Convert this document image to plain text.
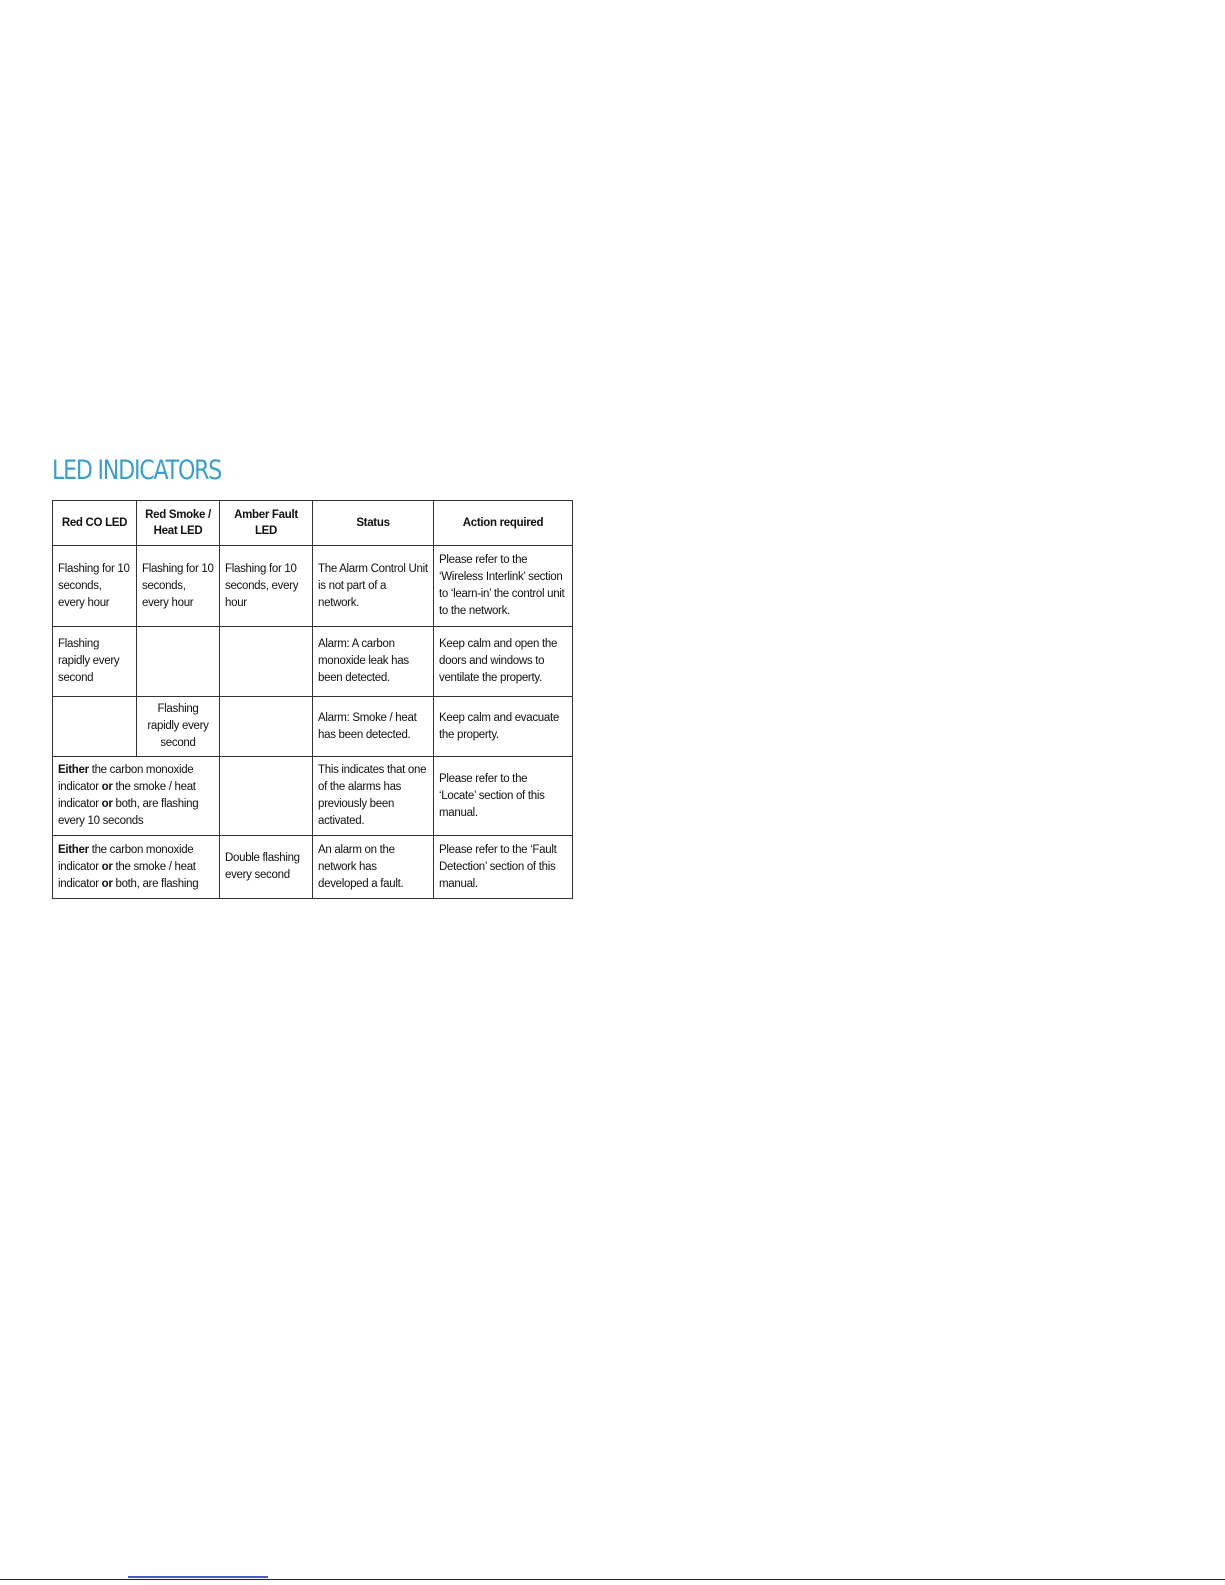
LED INDICATORS
Red CO LED	Red Smoke / Heat LED	Amber Fault LED	Status	Action required
Flashing for 10 seconds, every hour	Flashing for 10 seconds, every hour	Flashing for 10 seconds, every hour	The Alarm Control Unit is not part of a network.	Please refer to the ‘Wireless Interlink’ section to ‘learn-in’ the control unit to the network.
Flashing rapidly every second			Alarm: A carbon monoxide leak has been detected.	Keep calm and open the doors and windows to ventilate the property.
	Flashing rapidly every second		Alarm: Smoke / heat has been detected.	Keep calm and evacuate the property.
Either the carbon monoxide indicator or the smoke / heat indicator or both, are flashing every 10 seconds			This indicates that one of the alarms has previously been activated.	Please refer to the ‘Locate’ section of this manual.
Either the carbon monoxide indicator or the smoke / heat indicator or both, are flashing		Double flashing every second	An alarm on the network has developed a fault.	Please refer to the ‘Fault Detection’ section of this manual.
